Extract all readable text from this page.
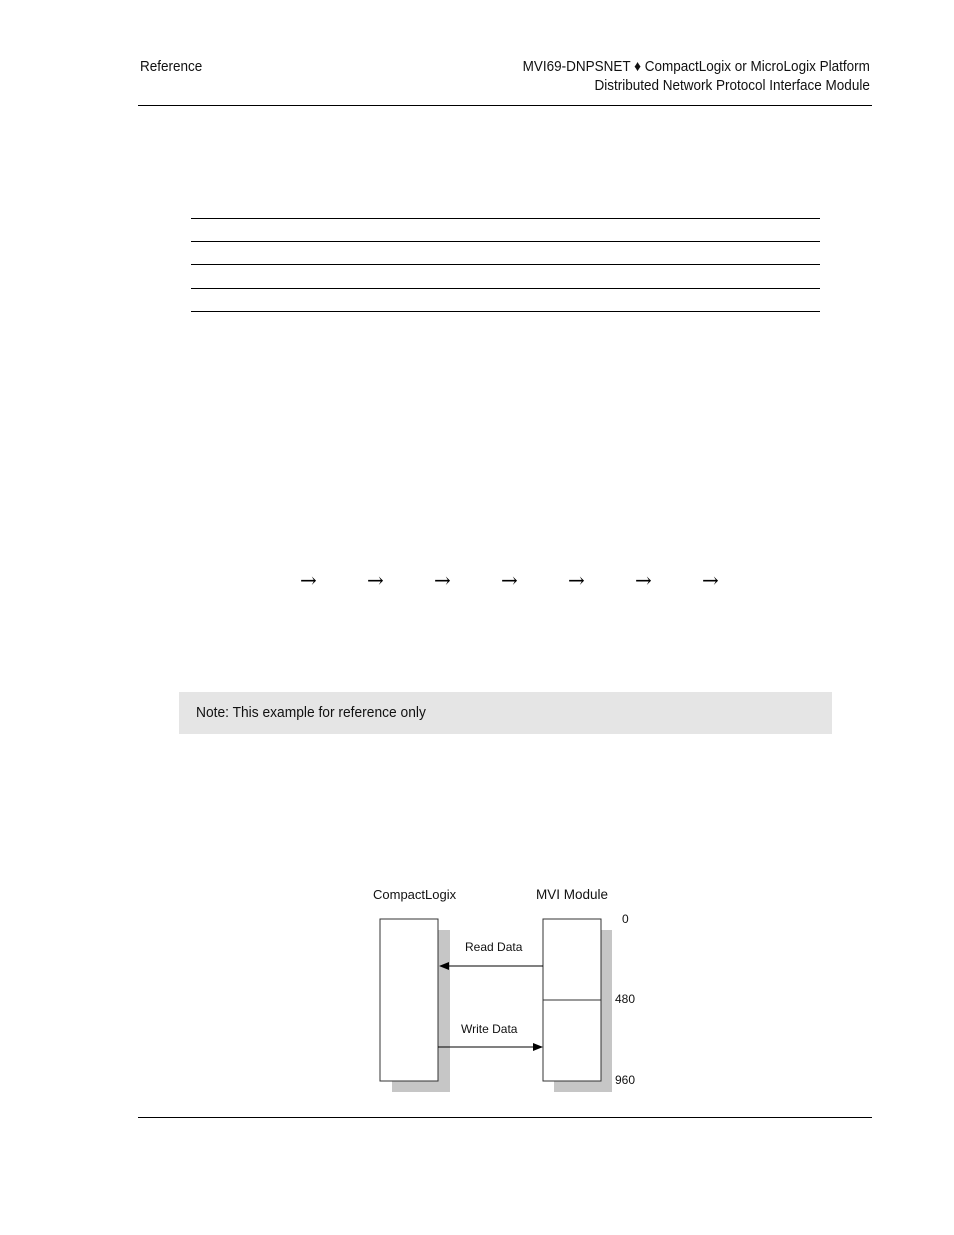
Reference	MVI69-DNPSNET ♦ CompactLogix or MicroLogix Platform
Distributed Network Protocol Interface Module
→	→	→	→	→	→	→
Note: This example for reference only
CompactLogix	MVI Module
0
480
960
Read Data
Write Data
